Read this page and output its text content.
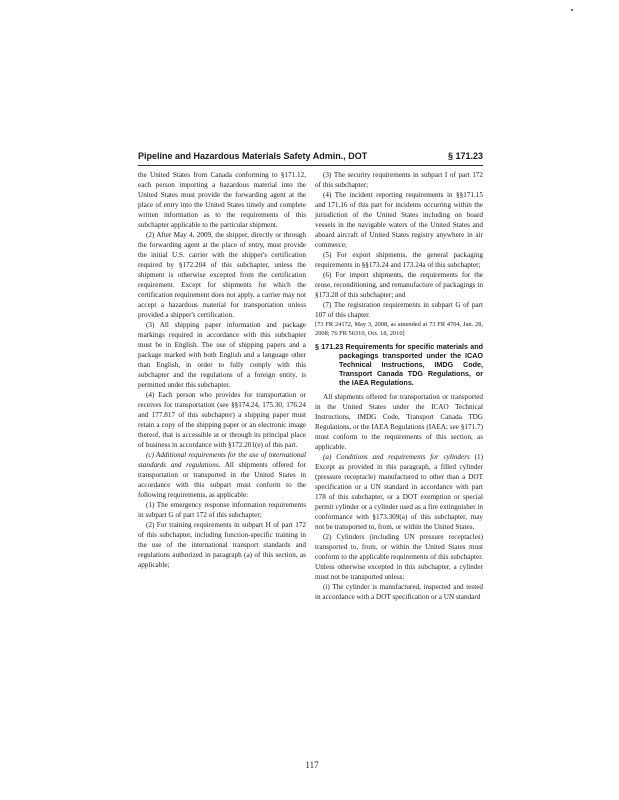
Pipeline and Hazardous Materials Safety Admin., DOT	§ 171.23

the United States from Canada conforming to §171.12, each person importing a hazardous material into the United States must provide the forwarding agent at the place of entry into the United States timely and complete written information as to the requirements of this subchapter applicable to the particular shipment.

(2) After May 4, 2009, the shipper, directly or through the forwarding agent at the place of entry, must provide the initial U.S. carrier with the shipper's certification required by §172.204 of this subchapter, unless the shipment is otherwise excepted from the certification requirement. Except for shipments for which the certification requirement does not apply, a carrier may not accept a hazardous material for transportation unless provided a shipper's certification.

(3) All shipping paper information and package markings required in accordance with this subchapter must be in English. The use of shipping papers and a package marked with both English and a language other than English, in order to fully comply with this subchapter and the regulations of a foreign entity, is permitted under this subchapter.

(4) Each person who provides for transportation or receives for transportation (see §§174.24, 175.30, 176.24 and 177.817 of this subchapter) a shipping paper must retain a copy of the shipping paper or an electronic image thereof, that is accessible at or through its principal place of business in accordance with §172.201(e) of this part.

(c) Additional requirements for the use of international standards and regulations. All shipments offered for transportation or transported in the United States in accordance with this subpart must conform to the following requirements, as applicable:

(1) The emergency response information requirements in subpart G of part 172 of this subchapter;

(2) For training requirements in subpart H of part 172 of this subchapter, including function-specific training in the use of the international transport standards and regulations authorized in paragraph (a) of this section, as applicable;

(3) The security requirements in subpart I of part 172 of this subchapter;

(4) The incident reporting requirements in §§171.15 and 171.16 of this part for incidents occurring within the jurisdiction of the United States including on board vessels in the navigable waters of the United States and aboard aircraft of United States registry anywhere in air commerce;

(5) For export shipments, the general packaging requirements in §§173.24 and 173.24a of this subchapter;

(6) For import shipments, the requirements for the reuse, reconditioning, and remanufacture of packagings in §173.28 of this subchapter; and

(7) The registration requirements in subpart G of part 107 of this chapter.

[73 FR 24172, May 3, 2008, as amended at 73 FR 4704, Jan. 28, 2008; 76 FR 56310, Oct. 18, 2010]

§ 171.23 Requirements for specific materials and packagings transported under the ICAO Technical Instructions, IMDG Code, Transport Canada TDG Regulations, or the IAEA Regulations.

All shipments offered for transportation or transported in the United States under the ICAO Technical Instructions, IMDG Code, Transport Canada TDG Regulations, or the IAEA Regulations (IAEA; see §171.7) must conform to the requirements of this section, as applicable.

(a) Conditions and requirements for cylinders (1) Except as provided in this paragraph, a filled cylinder (pressure receptacle) manufactured to other than a DOT specification or a UN standard in accordance with part 178 of this subchapter, or a DOT exemption or special permit cylinder or a cylinder used as a fire extinguisher in conformance with §173.309(a) of this subchapter, may not be transported to, from, or within the United States.

(2) Cylinders (including UN pressure receptacles) transported to, from, or within the United States must conform to the applicable requirements of this subchapter. Unless otherwise excepted in this subchapter, a cylinder must not be transported unless:

(i) The cylinder is manufactured, inspected and tested in accordance with a DOT specification or a UN standard

117
